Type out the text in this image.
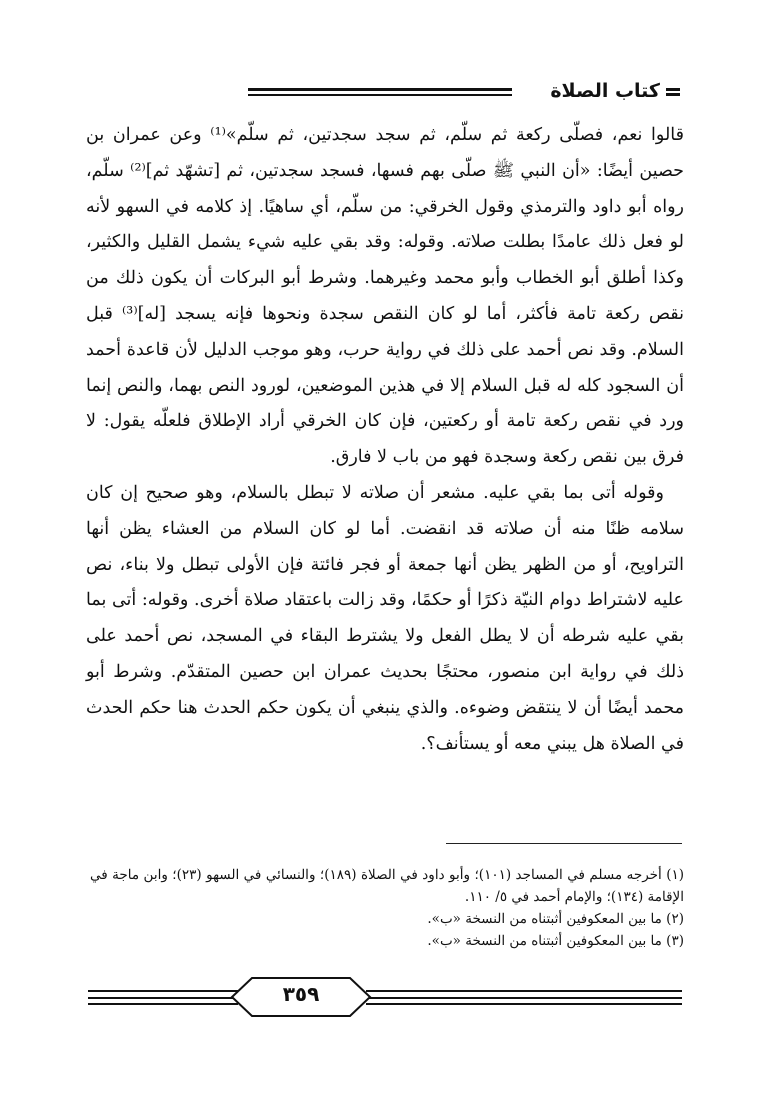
كتاب الصلاة

قالوا نعم، فصلّى ركعة ثم سلّم، ثم سجد سجدتين، ثم سلّم»⁽¹⁾ وعن عمران بن حصين أيضًا: «أن النبي ﷺ صلّى بهم فسها، فسجد سجدتين، ثم [تشهّد ثم]⁽²⁾ سلّم، رواه أبو داود والترمذي وقول الخرقي: من سلّم، أي ساهيًا. إذ كلامه في السهو لأنه لو فعل ذلك عامدًا بطلت صلاته. وقوله: وقد بقي عليه شيء يشمل القليل والكثير، وكذا أطلق أبو الخطاب وأبو محمد وغيرهما. وشرط أبو البركات أن يكون ذلك من نقص ركعة تامة فأكثر، أما لو كان النقص سجدة ونحوها فإنه يسجد [له]⁽³⁾ قبل السلام. وقد نص أحمد على ذلك في رواية حرب، وهو موجب الدليل لأن قاعدة أحمد أن السجود كله له قبل السلام إلا في هذين الموضعين، لورود النص بهما، والنص إنما ورد في نقص ركعة تامة أو ركعتين، فإن كان الخرقي أراد الإطلاق فلعلّه يقول: لا فرق بين نقص ركعة وسجدة فهو من باب لا فارق.

وقوله أتى بما بقي عليه. مشعر أن صلاته لا تبطل بالسلام، وهو صحيح إن كان سلامه ظنًا منه أن صلاته قد انقضت. أما لو كان السلام من العشاء يظن أنها التراويح، أو من الظهر يظن أنها جمعة أو فجر فائتة فإن الأولى تبطل ولا بناء، نص عليه لاشتراط دوام النيّة ذكرًا أو حكمًا، وقد زالت باعتقاد صلاة أخرى. وقوله: أتى بما بقي عليه شرطه أن لا يطل الفعل ولا يشترط البقاء في المسجد، نص أحمد على ذلك في رواية ابن منصور، محتجًا بحديث عمران ابن حصين المتقدّم. وشرط أبو محمد أيضًا أن لا ينتقض وضوءه. والذي ينبغي أن يكون حكم الحدث هنا حكم الحدث في الصلاة هل يبني معه أو يستأنف؟.

(١) أخرجه مسلم في المساجد (١٠١)؛ وأبو داود في الصلاة (١٨٩)؛ والنسائي في السهو (٢٣)؛ وابن ماجة في الإقامة (١٣٤)؛ والإمام أحمد في ٥/ ١١٠.

(٢) ما بين المعكوفين أثبتناه من النسخة «ب».

(٣) ما بين المعكوفين أثبتناه من النسخة «ب».

٣٥٩
